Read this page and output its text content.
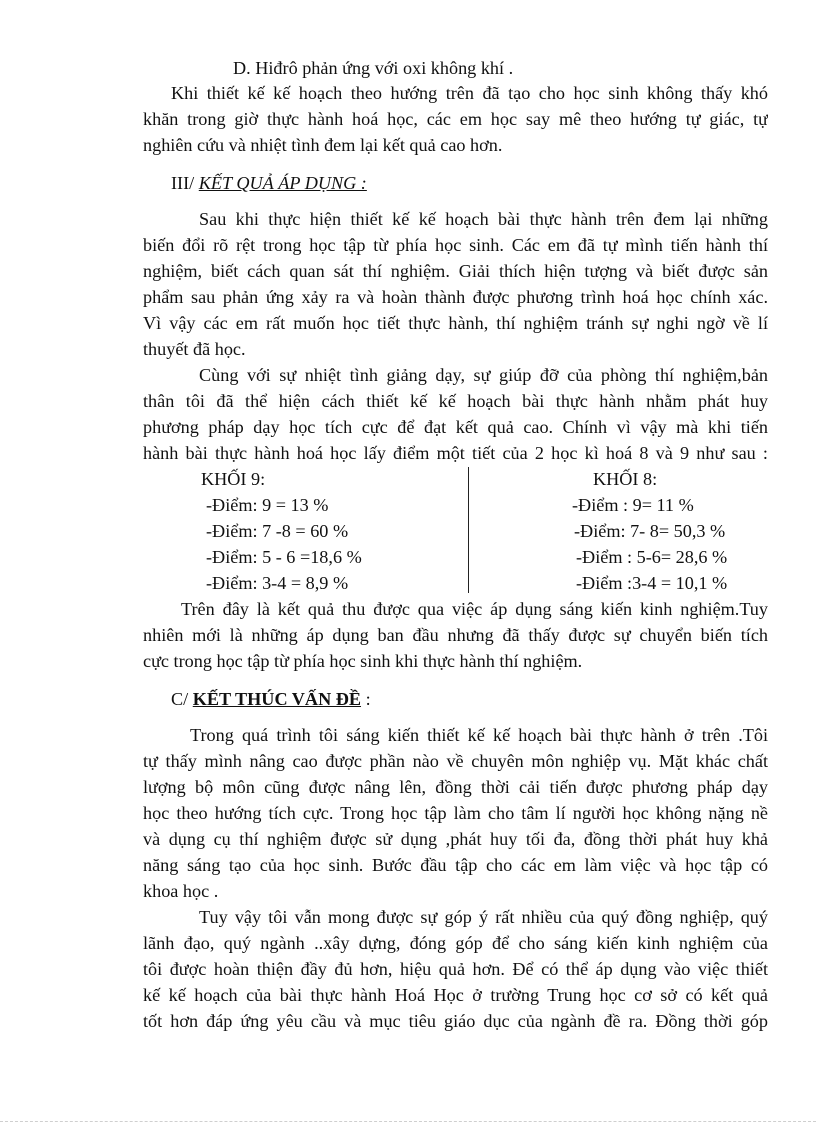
D. Hiđrô phản ứng với oxi không khí .
Khi thiết kế kế hoạch theo hướng trên đã tạo cho học sinh không thấy khó
khăn trong giờ thực hành hoá học, các em học say mê theo hướng tự giác, tự
nghiên cứu và nhiệt tình đem lại kết quả cao hơn.
III/ KẾT QUẢ ÁP DỤNG :
Sau khi thực hiện thiết kế kế hoạch bài thực hành trên đem lại những
biến đổi rõ rệt trong học tập từ phía học sinh. Các em đã tự mình tiến hành thí
nghiệm, biết cách quan sát thí nghiệm. Giải thích hiện tượng và biết được sản
phẩm sau phản ứng xảy ra và hoàn thành được phương trình hoá học chính xác.
Vì vậy các em rất muốn học tiết thực hành, thí nghiệm tránh sự nghi ngờ về lí
thuyết đã học.
Cùng với sự nhiệt tình giảng dạy, sự giúp đỡ của phòng thí nghiệm,bản
thân tôi đã thể hiện cách thiết kế kế hoạch bài thực hành nhằm phát huy
phương pháp dạy học tích cực để đạt kết quả cao. Chính vì vậy mà khi tiến
hành bài thực hành hoá học lấy điểm một tiết của 2 học kì hoá 8 và 9 như sau :
KHỐI 9:
-Điểm: 9 = 13 %
-Điểm: 7 -8 = 60 %
-Điểm: 5 - 6 =18,6 %
-Điểm: 3-4 = 8,9 %
KHỐI 8:
-Điểm : 9= 11 %
-Điểm: 7- 8= 50,3 %
-Điểm : 5-6= 28,6 %
-Điểm :3-4 = 10,1 %
Trên đây là kết quả thu được qua việc áp dụng sáng kiến kinh nghiệm.Tuy
nhiên mới là những áp dụng ban đầu nhưng đã thấy được sự chuyển biến tích
cực trong học tập từ phía học sinh khi thực hành thí nghiệm.
C/ KẾT THÚC VẤN ĐỀ :
Trong quá trình tôi sáng kiến thiết kế kế hoạch bài thực hành ở trên .Tôi
tự thấy mình nâng cao được phần nào về chuyên môn nghiệp vụ. Mặt khác chất
lượng bộ môn cũng được nâng lên, đồng thời cải tiến được phương pháp dạy
học theo hướng tích cực. Trong học tập làm cho tâm lí người học không nặng nề
và dụng cụ thí nghiệm được sử dụng ,phát huy tối đa, đồng thời phát huy khả
năng sáng tạo của học sinh. Bước đầu tập cho các em làm việc và học tập có
khoa học .
Tuy vậy tôi vẫn mong được sự góp ý rất nhiều của quý đồng nghiệp, quý
lãnh đạo, quý ngành ..xây dựng, đóng góp để cho sáng kiến kinh nghiệm của
tôi được hoàn thiện đầy đủ hơn, hiệu quả hơn. Để có thể áp dụng vào việc thiết
kế kế hoạch của bài thực hành Hoá Học ở trường Trung học cơ sở có kết quả
tốt hơn đáp ứng yêu cầu và mục tiêu giáo dục của ngành đề ra. Đồng thời góp
